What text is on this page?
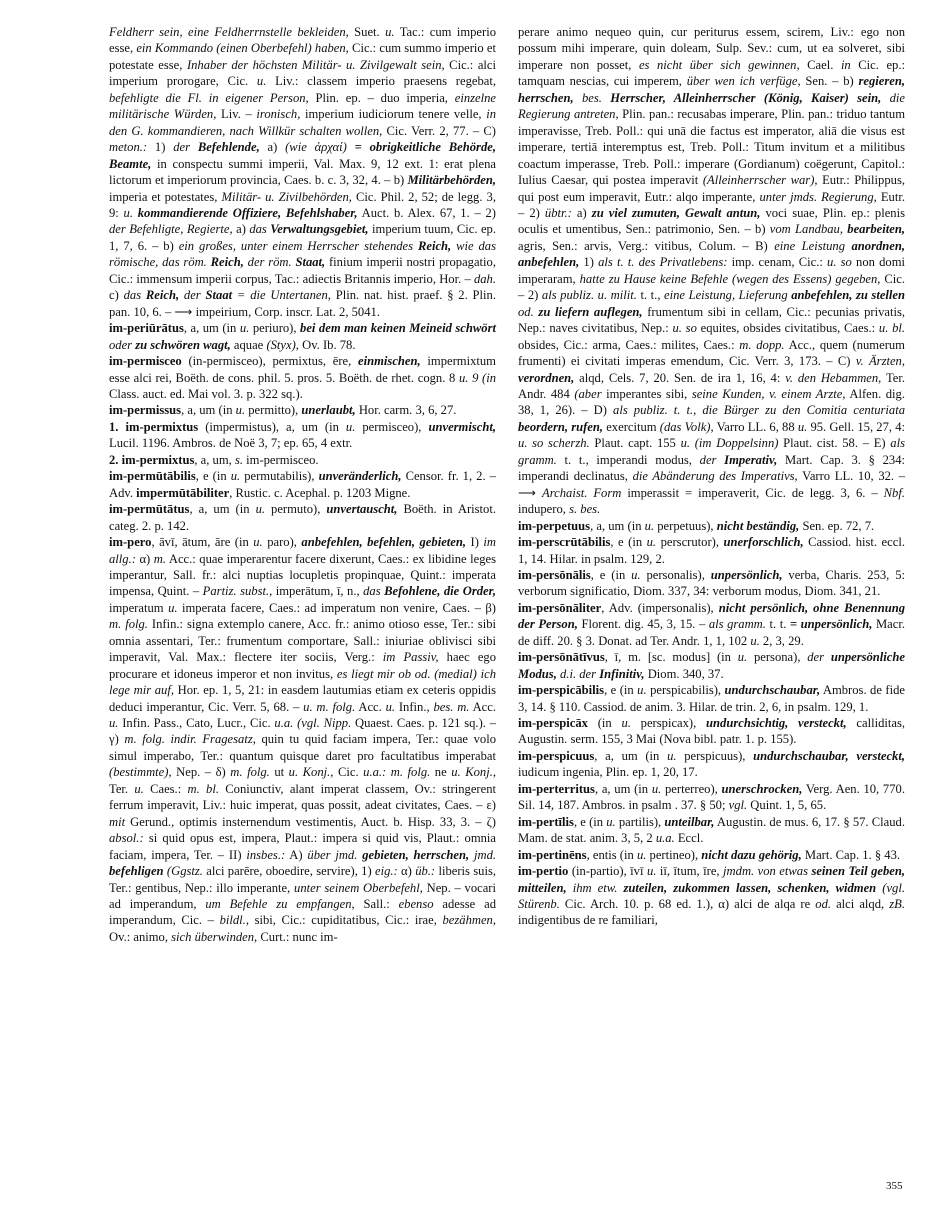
Feldherr sein, eine Feldherrnstelle bekleiden, Suet. u. Tac.: cum imperio esse, ein Kommando (einen Oberbefehl) haben, Cic.: cum summo imperio et potestate esse, Inhaber der höchsten Militär- u. Zivilgewalt sein, Cic.: alci imperium prorogare, Cic. u. Liv.: classem imperio praesens regebat, befehligte die Fl. in eigener Person, Plin. ep. – duo imperia, einzelne militärische Würden, Liv. – ironisch, imperium iudiciorum tenere velle, in den G. kommandieren, nach Willkür schalten wollen, Cic. Verr. 2, 77. – C) meton.: 1) der Befehlende, a) (wie ἀρχαί) = obrigkeitliche Behörde, Beamte, in conspectu summi imperii, Val. Max. 9, 12 ext. 1: erat plena lictorum et imperiorum provincia, Caes. b. c. 3, 32, 4. – b) Militärbehörden, imperia et potestates, Militär- u. Zivilbehörden, Cic. Phil. 2, 52; de legg. 3, 9: u. kommandierende Offiziere, Befehlshaber, Auct. b. Alex. 67, 1. – 2) der Befehligte, Regierte, a) das Verwaltungsgebiet, imperium tuum, Cic. ep. 1, 7, 6. – b) ein großes, unter einem Herrscher stehendes Reich, wie das römische, das röm. Reich, der röm. Staat, finium imperii nostri propagatio, Cic.: immensum imperii corpus, Tac.: adiectis Britannis imperio, Hor. – dah. c) das Reich, der Staat = die Untertanen, Plin. nat. hist. praef. § 2. Plin. pan. 10, 6. – ⟶ impeirium, Corp. inscr. Lat. 2, 5041.

im-periūrātus, a, um (in u. periuro), bei dem man keinen Meineid schwört oder zu schwören wagt, aquae (Styx), Ov. Ib. 78.

im-permisceo (in-permisceo), permixtus, ēre, einmischen, impermixtum esse alci rei, Boëth. de cons. phil. 5. pros. 5. Boëth. de rhet. cogn. 8 u. 9 (in Class. auct. ed. Mai vol. 3. p. 322 sq.).

im-permissus, a, um (in u. permitto), unerlaubt, Hor. carm. 3, 6, 27.

1. im-permixtus (impermistus), a, um (in u. permisceo), unvermischt, Lucil. 1196. Ambros. de Noë 3, 7; ep. 65, 4 extr.

2. im-permixtus, a, um, s. im-permisceo.

im-permūtābilis, e (in u. permutabilis), unveränderlich, Censor. fr. 1, 2. – Adv. impermūtābiliter, Rustic. c. Acephal. p. 1203 Migne.

im-permūtātus, a, um (in u. permuto), unvertauscht, Boëth. in Aristot. categ. 2. p. 142.

im-pero, āvī, ātum, āre (in u. paro), anbefehlen, befehlen, gebieten, I) im allg.: α) m. Acc.: quae imperarentur facere dixerunt, Caes.: ex libidine leges imperantur, Sall. fr.: alci nuptias locupletis propinquae, Quint.: imperata impensa, Quint. – Partiz. subst., imperātum, ī, n., das Befohlene, die Order, imperatum u. imperata facere, Caes.: ad imperatum non venire, Caes. – β) m. folg. Infin.: signa extemplo canere, Acc. fr.: animo otioso esse, Ter.: sibi omnia assentari, Ter.: frumentum comportare, Sall.: iniuriae oblivisci sibi imperavit, Val. Max.: flectere iter sociis, Verg.: im Passiv, haec ego procurare et idoneus imperor et non invitus, es liegt mir ob od. (medial) ich lege mir auf, Hor. ep. 1, 5, 21: in easdem lautumias etiam ex ceteris oppidis deduci imperantur, Cic. Verr. 5, 68. – u. m. folg. Acc. u. Infin., bes. m. Acc. u. Infin. Pass., Cato, Lucr., Cic. u.a. (vgl. Nipp. Quaest. Caes. p. 121 sq.). – γ) m. folg. indir. Fragesatz, quin tu quid faciam impera, Ter.: quae volo simul imperabo, Ter.: quantum quisque daret pro facultatibus imperabat (bestimmte), Nep. – δ) m. folg. ut u. Konj., Cic. u.a.: m. folg. ne u. Konj., Ter. u. Caes.: m. bl. Coniunctiv, alant imperat classem, Ov.: stringerent ferrum imperavit, Liv.: huic imperat, quas possit, adeat civitates, Caes. – ε) mit Gerund., optimis insternendum vestimentis, Auct. b. Hisp. 33, 3. – ζ) absol.: si quid opus est, impera, Plaut.: impera si quid vis, Plaut.: omnia faciam, impera, Ter. – II) insbes.: A) über jmd. gebieten, herrschen, jmd. befehligen (Ggstz. alci parēre, oboedire, servire), 1) eig.: α) üb.: liberis suis, Ter.: gentibus, Nep.: illo imperante, unter seinem Oberbefehl, Nep. – vocari ad imperandum, um Befehle zu empfangen, Sall.: ebenso adesse ad imperandum, Cic. – bildl., sibi, Cic.: cupiditatibus, Cic.: irae, bezähmen, Ov.: animo, sich überwinden, Curt.: nunc im-

perare animo nequeo quin, cur periturus essem, scirem, Liv.: ego non possum mihi imperare, quin doleam, Sulp. Sev.: cum, ut ea solveret, sibi imperare non posset, es nicht über sich gewinnen, Cael. in Cic. ep.: tamquam nescias, cui imperem, über wen ich verfüge, Sen. – b) regieren, herrschen, bes. Herrscher, Alleinherrscher (König, Kaiser) sein, die Regierung antreten, Plin. pan.: recusabas imperare, Plin. pan.: triduo tantum imperavisse, Treb. Poll.: qui unā die factus est imperator, aliā die visus est imperare, tertiā interemptus est, Treb. Poll.: Titum invitum et a militibus coactum imperasse, Treb. Poll.: imperare (Gordianum) coëgerunt, Capitol.: Iulius Caesar, qui postea imperavit (Alleinherrscher war), Eutr.: Philippus, qui post eum imperavit, Eutr.: alqo imperante, unter jmds. Regierung, Eutr. – 2) übtr.: a) zu viel zumuten, Gewalt antun, voci suae, Plin. ep.: plenis oculis et umentibus, Sen.: patrimonio, Sen. – b) vom Landbau, bearbeiten, agris, Sen.: arvis, Verg.: vitibus, Colum. – B) eine Leistung anordnen, anbefehlen, 1) als t. t. des Privatlebens: imp. cenam, Cic.: u. so non domi imperaram, hatte zu Hause keine Befehle (wegen des Essens) gegeben, Cic. – 2) als publiz. u. milit. t. t., eine Leistung, Lieferung anbefehlen, zu stellen od. zu liefern auflegen, frumentum sibi in cellam, Cic.: pecunias privatis, Nep.: naves civitatibus, Nep.: u. so equites, obsides civitatibus, Caes.: u. bl. obsides, Cic.: arma, Caes.: milites, Caes.: m. dopp. Acc., quem (numerum frumenti) ei civitati imperas emendum, Cic. Verr. 3, 173. – C) v. Ärzten, verordnen, alqd, Cels. 7, 20. Sen. de ira 1, 16, 4: v. den Hebammen, Ter. Andr. 484 (aber imperantes sibi, seine Kunden, v. einem Arzte, Alfen. dig. 38, 1, 26). – D) als publiz. t. t., die Bürger zu den Comitia centuriata beordern, rufen, exercitum (das Volk), Varro LL. 6, 88 u. 95. Gell. 15, 27, 4: u. so scherzh. Plaut. capt. 155 u. (im Doppelsinn) Plaut. cist. 58. – E) als gramm. t. t., imperandi modus, der Imperativ, Mart. Cap. 3. § 234: imperandi declinatus, die Abänderung des Imperativs, Varro LL. 10, 32. – ⟶ Archaist. Form imperassit = imperaverit, Cic. de legg. 3, 6. – Nbf. indupero, s. bes.

im-perpetuus, a, um (in u. perpetuus), nicht beständig, Sen. ep. 72, 7.

im-perscrūtābilis, e (in u. perscrutor), unerforschlich, Cassiod. hist. eccl. 1, 14. Hilar. in psalm. 129, 2.

im-persōnālis, e (in u. personalis), unpersönlich, verba, Charis. 253, 5: verborum significatio, Diom. 337, 34: verborum modus, Diom. 341, 21.

im-persōnāliter, Adv. (impersonalis), nicht persönlich, ohne Benennung der Person, Florent. dig. 45, 3, 15. – als gramm. t. t. = unpersönlich, Macr. de diff. 20. § 3. Donat. ad Ter. Andr. 1, 1, 102 u. 2, 3, 29.

im-persōnātīvus, ī, m. [sc. modus] (in u. persona), der unpersönliche Modus, d.i. der Infinitiv, Diom. 340, 37.

im-perspicābilis, e (in u. perspicabilis), undurchschaubar, Ambros. de fide 3, 14. § 110. Cassiod. de anim. 3. Hilar. de trin. 2, 6, in psalm. 129, 1.

im-perspicāx (in u. perspicax), undurchsichtig, versteckt, calliditas, Augustin. serm. 155, 3 Mai (Nova bibl. patr. 1. p. 155).

im-perspicuus, a, um (in u. perspicuus), undurchschaubar, versteckt, iudicum ingenia, Plin. ep. 1, 20, 17.

im-perterritus, a, um (in u. perterreo), unerschrocken, Verg. Aen. 10, 770. Sil. 14, 187. Ambros. in psalm . 37. § 50; vgl. Quint. 1, 5, 65.

im-pertīlis, e (in u. partilis), unteilbar, Augustin. de mus. 6, 17. § 57. Claud. Mam. de stat. anim. 3, 5, 2 u.a. Eccl.

im-pertinēns, entis (in u. pertineo), nicht dazu gehörig, Mart. Cap. 1. § 43.

im-pertio (in-partio), īvī u. iī, ītum, īre, jmdm. von etwas seinen Teil geben, mitteilen, ihm etw. zuteilen, zukommen lassen, schenken, widmen (vgl. Stürenb. Cic. Arch. 10. p. 68 ed. 1.), α) alci de alqa re od. alci alqd, zB. indigentibus de re familiari,

355
